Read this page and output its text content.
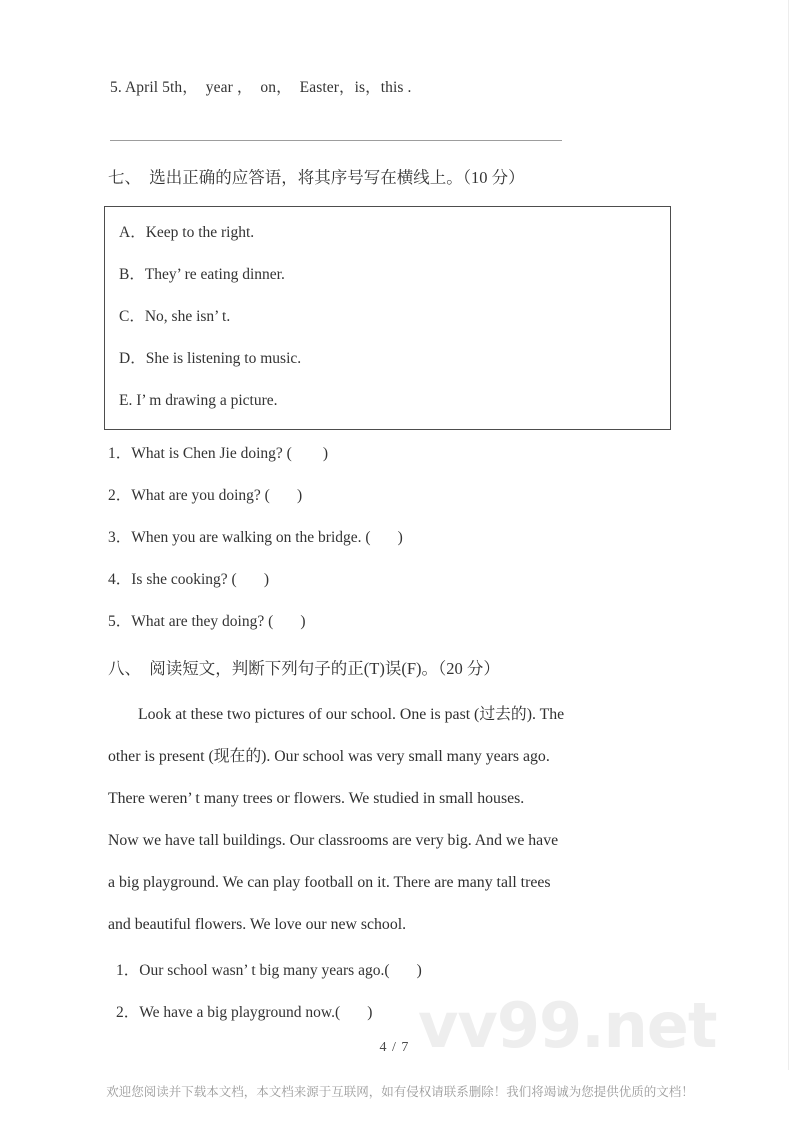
5. April 5th，  year ，  on，  Easter，is，this .
七、  选出正确的应答语，将其序号写在横线上。（10 分）
A．Keep to the right.
B．They’ re eating dinner.
C．No, she isn’ t.
D．She is listening to music.
E. I’ m drawing a picture.
1．What is Chen Jie doing? (        )
2．What are you doing? (       )
3．When you are walking on the bridge. (       )
4．Is she cooking? (       )
5．What are they doing? (       )
八、  阅读短文，判断下列句子的正(T)误(F)。（20 分）
Look at these two pictures of our school. One is past (过去的). The
other is present (现在的). Our school was very small many years ago.
There weren’ t many trees or flowers. We studied in small houses.
Now we have tall buildings. Our classrooms are very big. And we have
a big playground. We can play football on it. There are many tall trees
and beautiful flowers. We love our new school.
1．Our school wasn’ t big many years ago.(       )
2．We have a big playground now.(       ) vv99.net
4 / 7
欢迎您阅读并下载本文档，本文档来源于互联网，如有侵权请联系删除！我们将竭诚为您提供优质的文档！
